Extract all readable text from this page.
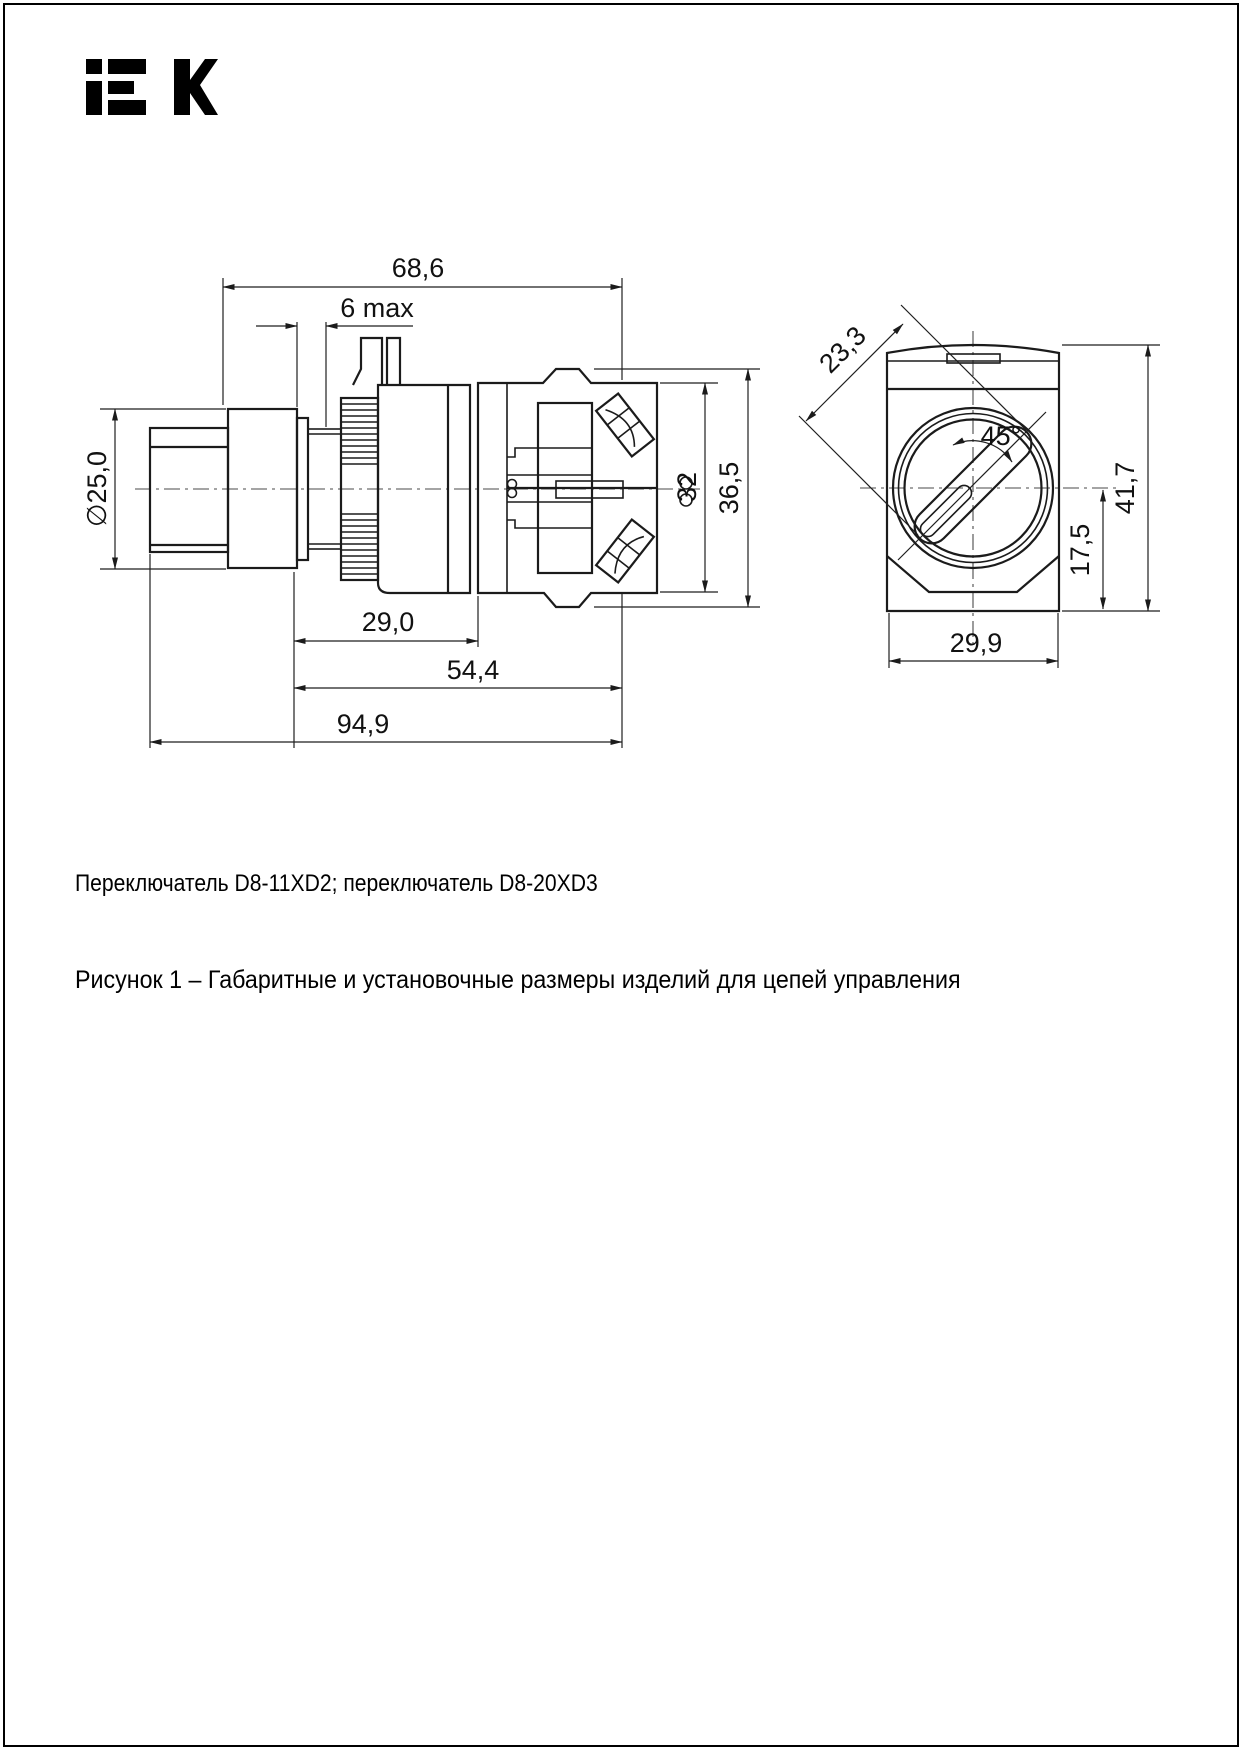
68,6
6 max
∅25,0	32 36,5
29,0
54,4
94,9
45°
23,3
17,5
41,7
29,9
Переключатель D8-11XD2; переключатель D8-20XD3
Рисунок 1 – Габаритные и установочные размеры изделий для цепей управления
